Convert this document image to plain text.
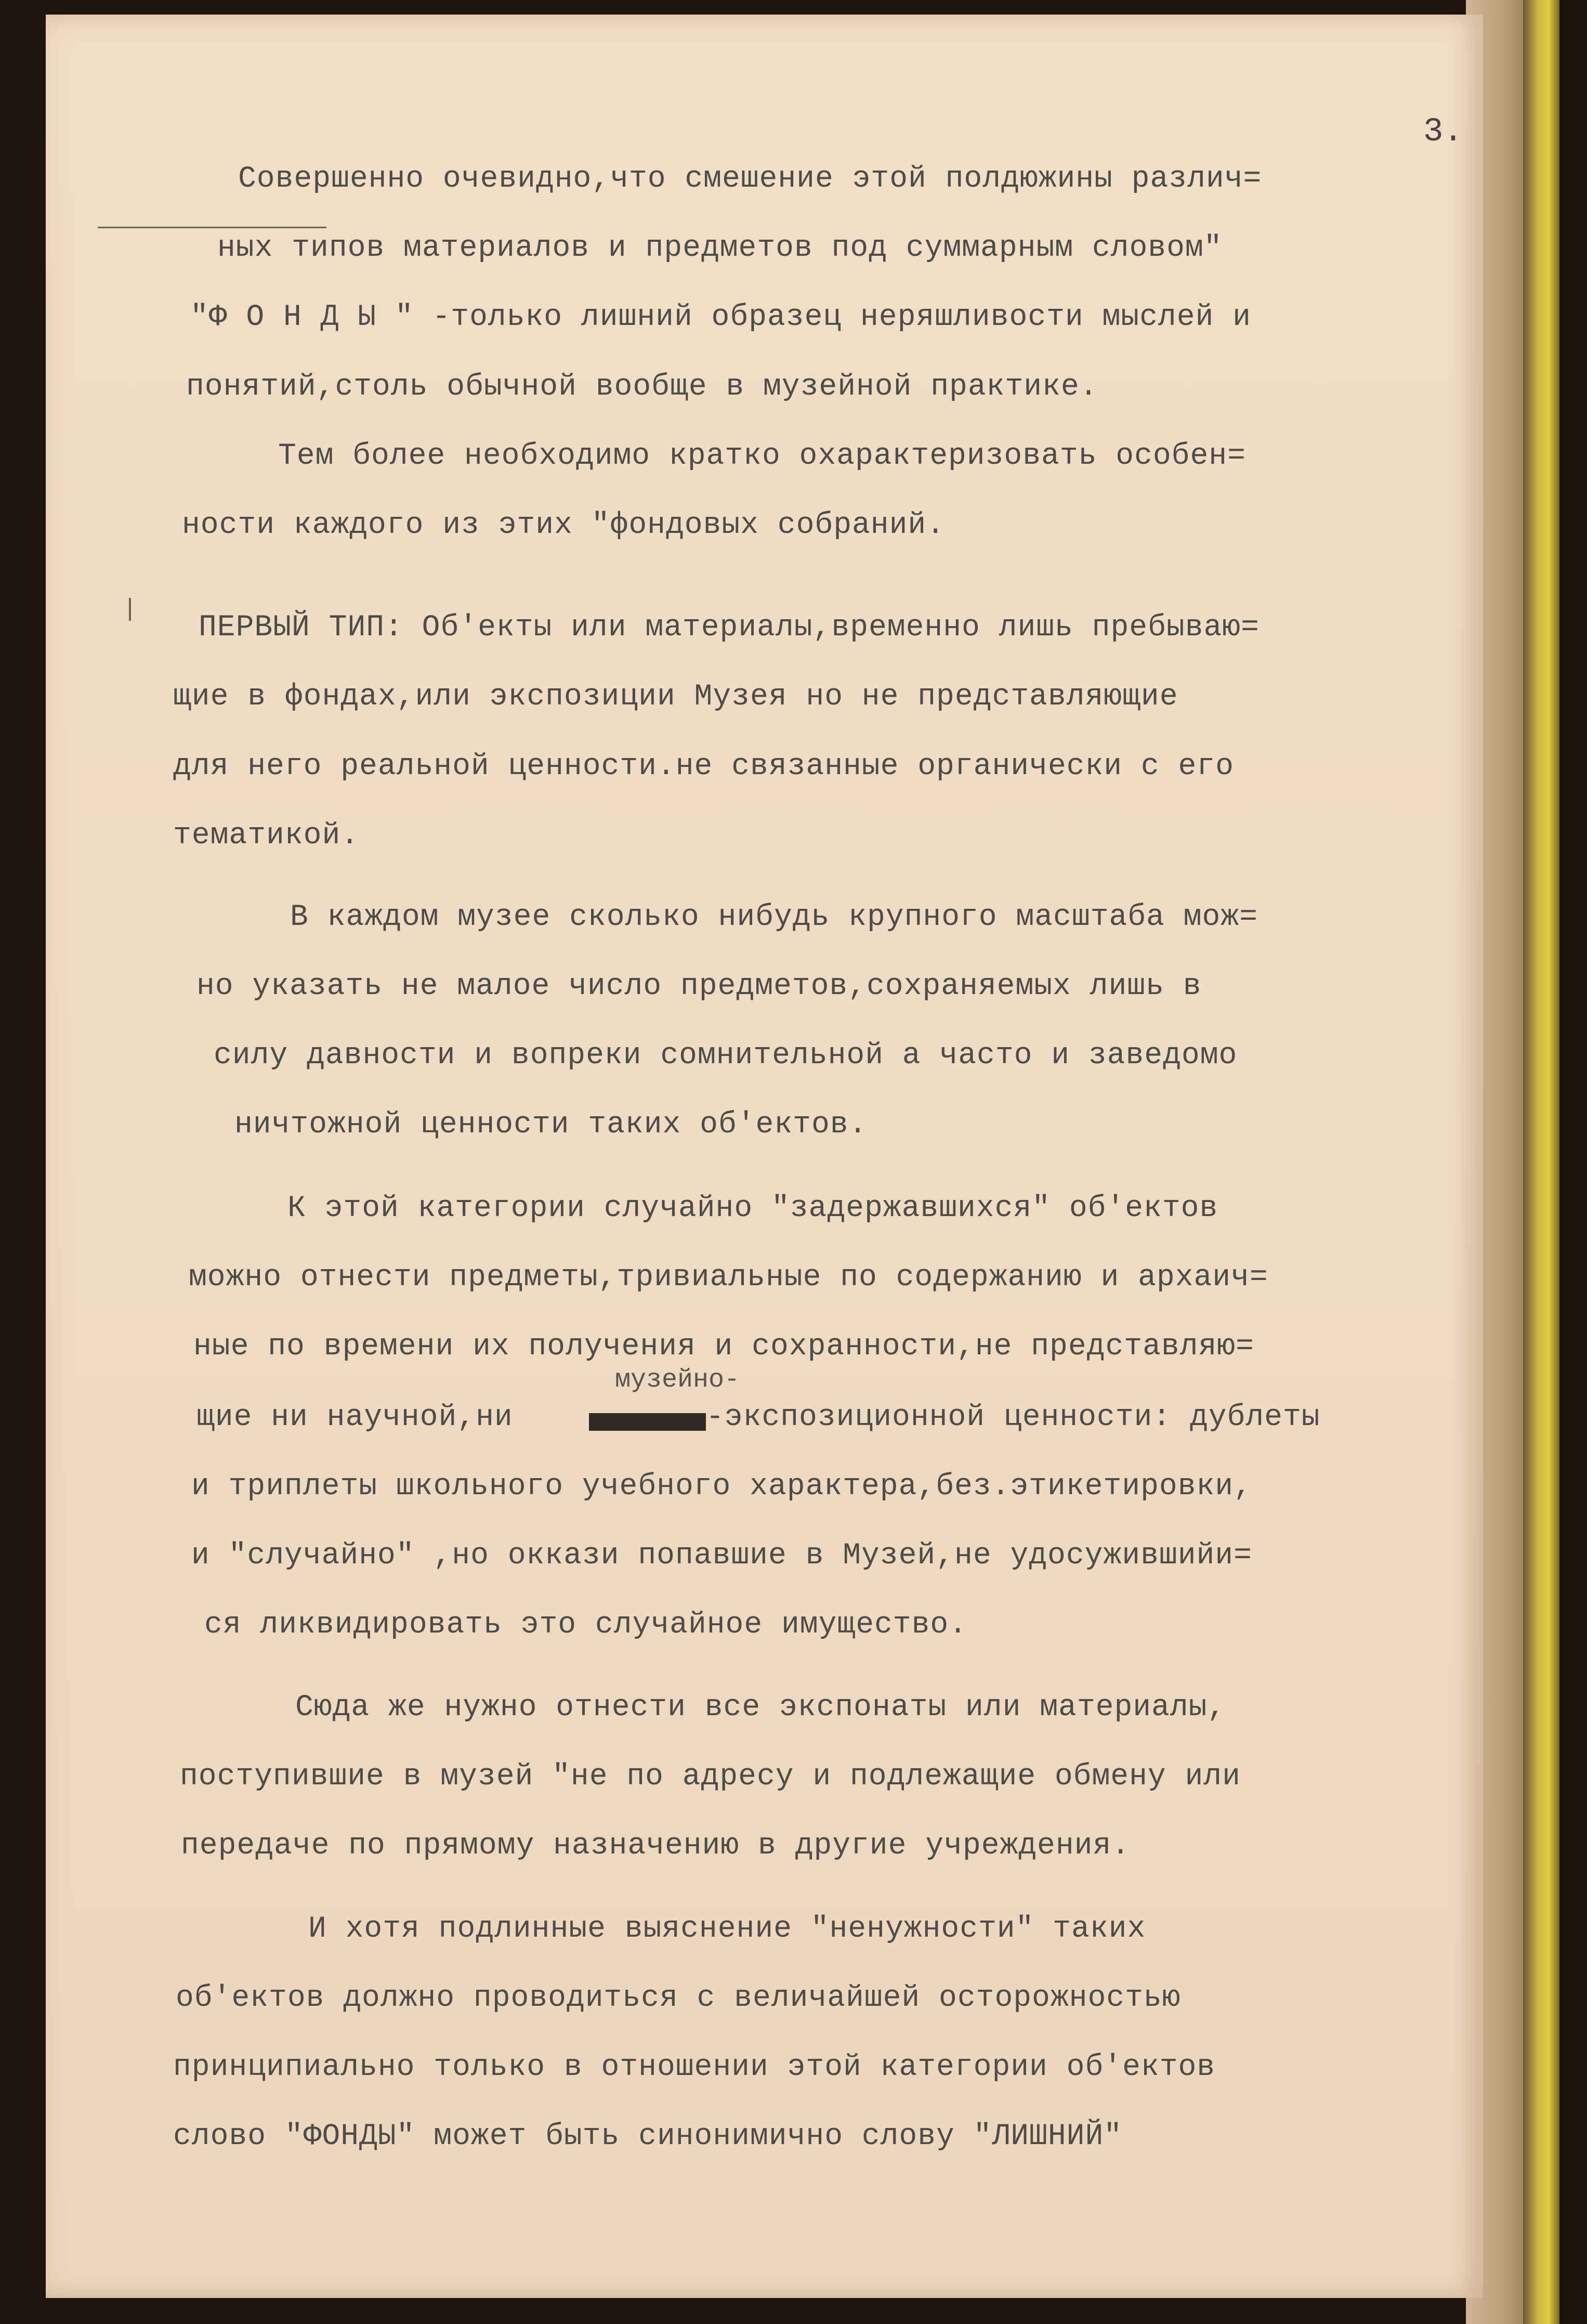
3.
Совершенно очевидно,что смешение этой полдюжины различ=
ных типов материалов и предметов под суммарным словом"
"Ф О Н Д Ы " -только лишний образец неряшливости мыслей и
понятий,столь обычной вообще в музейной практике.
Тем более необходимо кратко охарактеризовать особен=
ности каждого из этих "фондовых собраний.
ПЕРВЫЙ ТИП: Об'екты или материалы,временно лишь пребываю=
щие в фондах,или экспозиции Музея но не представляющие
для него реальной ценности.не связанные органически с его
тематикой.
В каждом музее сколько нибудь крупного масштаба мож=
но указать не малое число предметов,сохраняемых лишь в
силу давности и вопреки сомнительной а часто и заведомо
ничтожной ценности таких об'ектов.
К этой категории случайно "задержавшихся" об'ектов
можно отнести предметы,тривиальные по содержанию и архаич=
ные по времени их получения и сохранности,не представляю=
музейно-
щие ни научной,ни	-экспозиционной ценности: дублеты
и триплеты школьного учебного характера,без.этикетировки,
и "случайно" ,но оккази попавшие в Музей,не удосужившийи=
ся ликвидировать это случайное имущество.
Сюда же нужно отнести все экспонаты или материалы,
поступившие в музей "не по адресу и подлежащие обмену или
передаче по прямому назначению в другие учреждения.
И хотя подлинные выяснение "ненужности" таких
об'ектов должно проводиться с величайшей осторожностью
принципиально только в отношении этой категории об'ектов
слово "ФОНДЫ" может быть синонимично слову "ЛИШНИЙ"
